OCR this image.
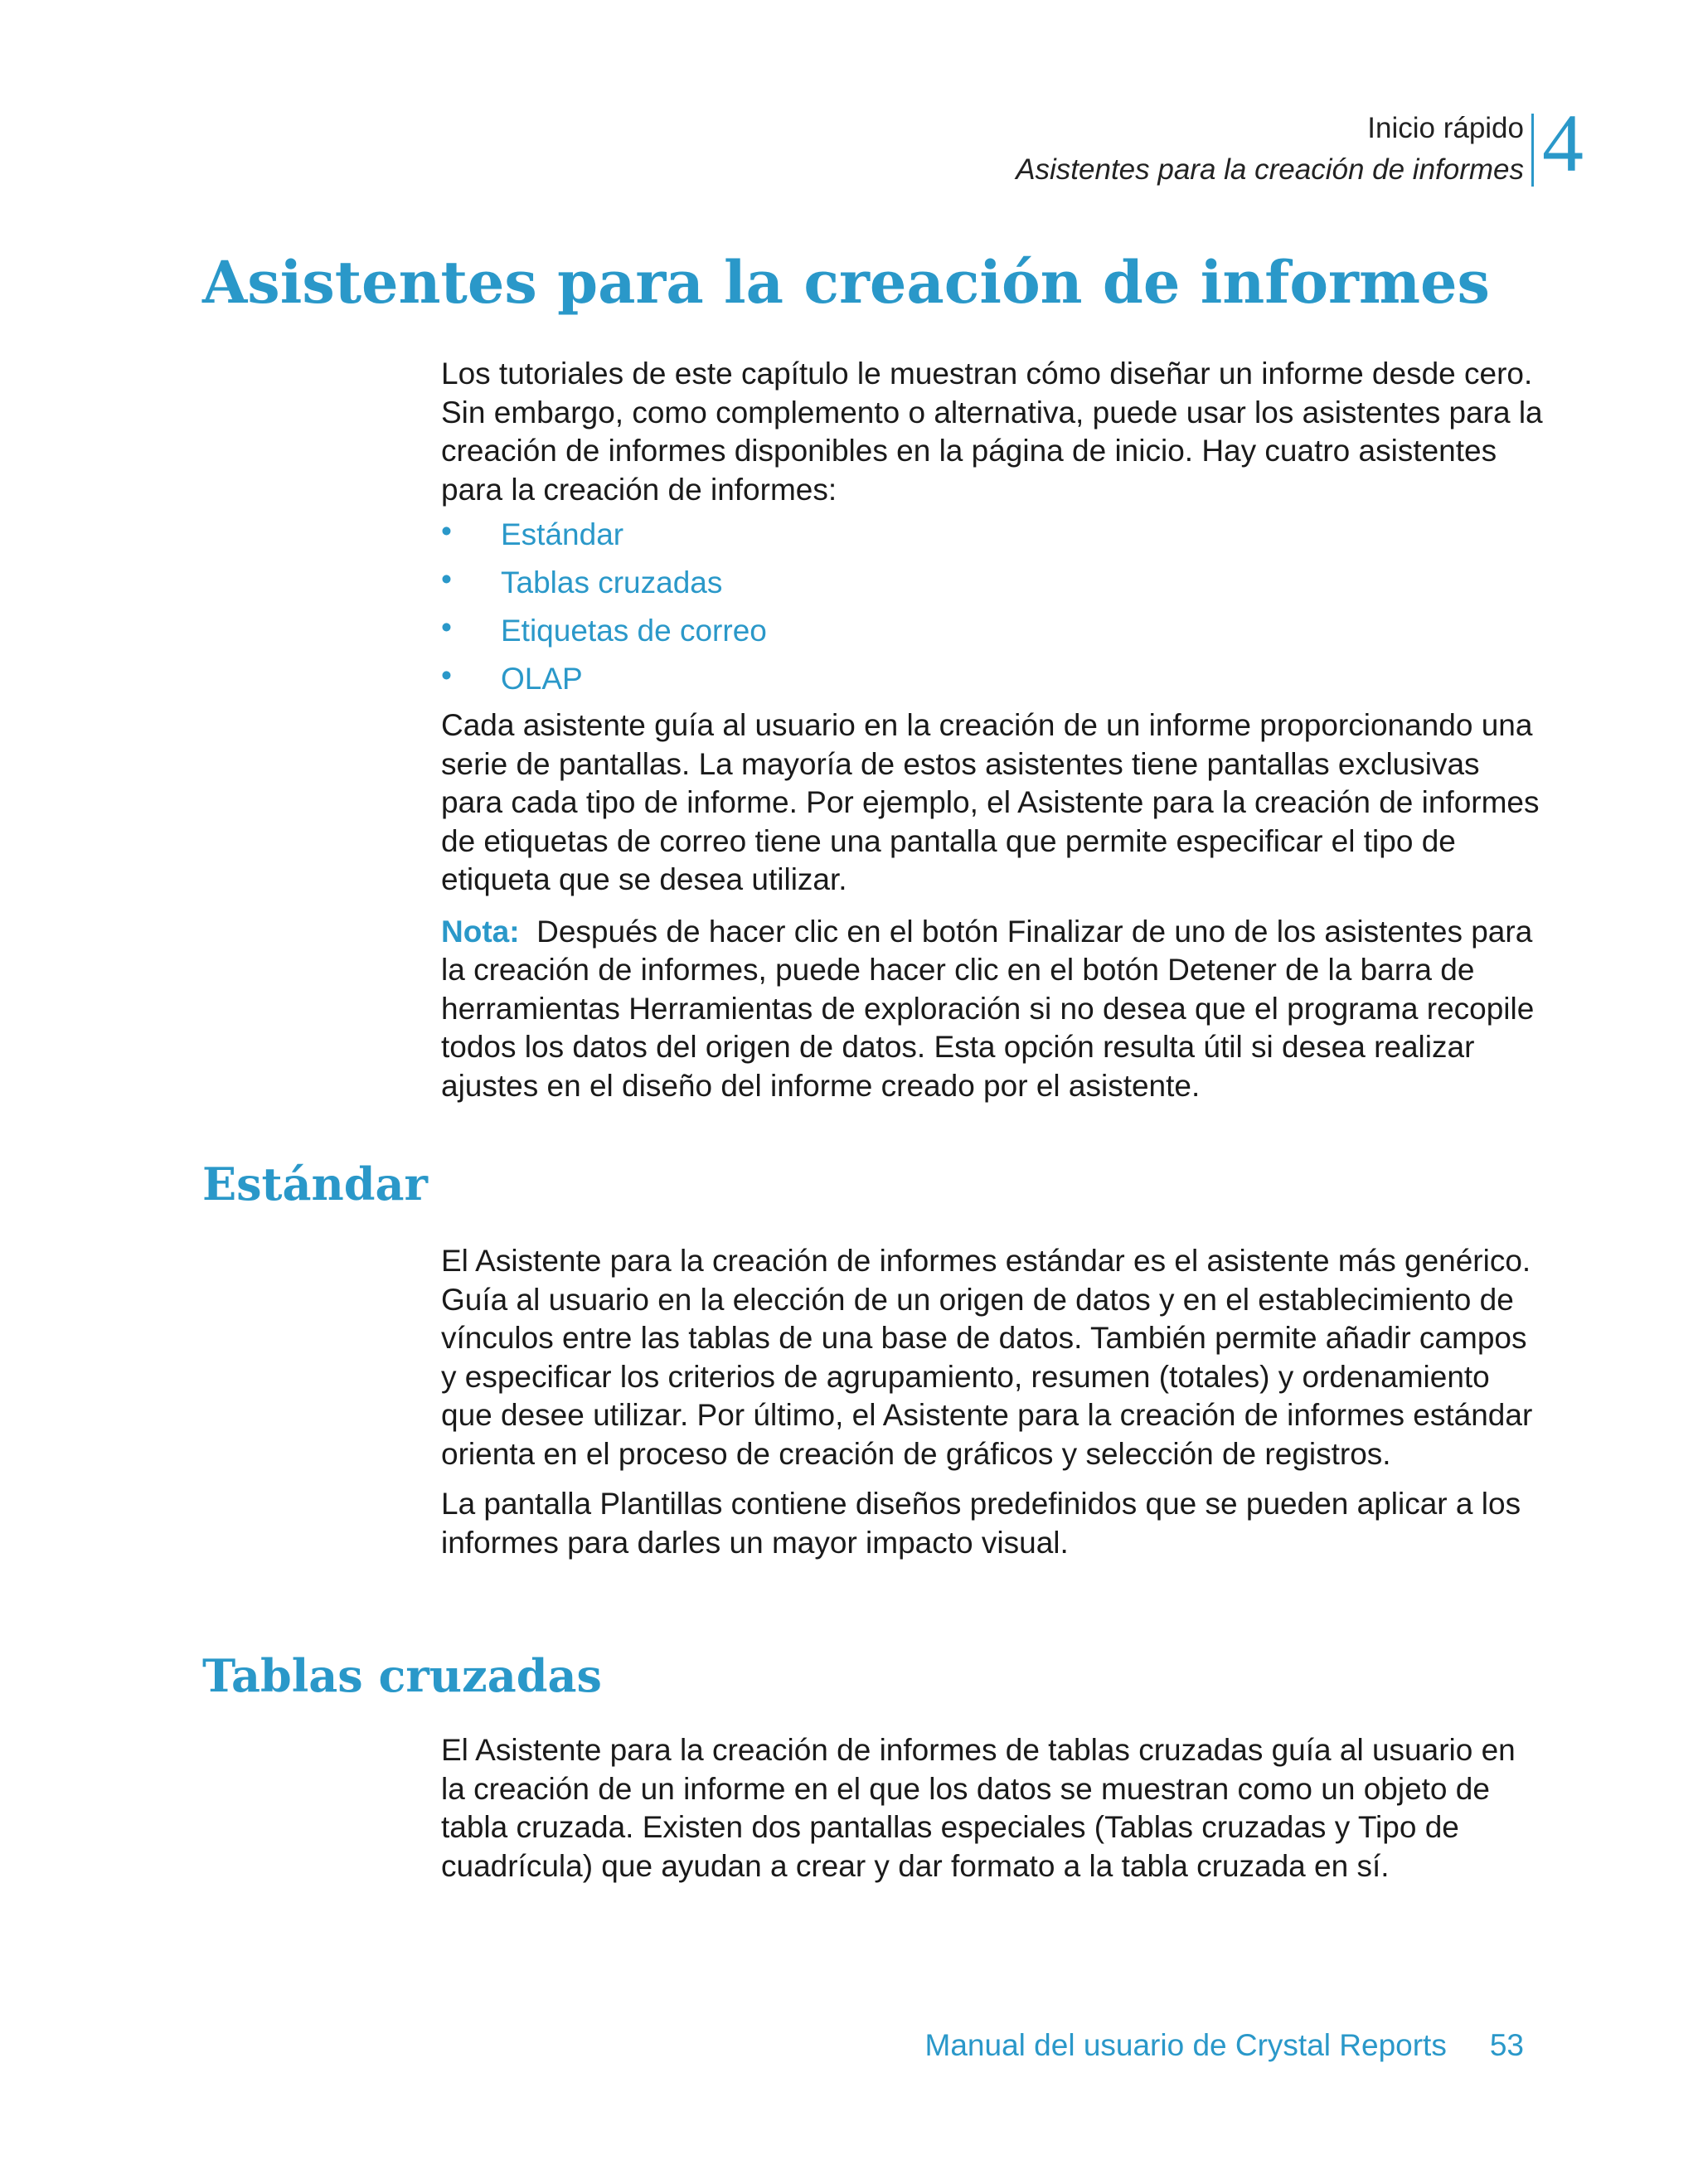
Inicio rápido
Asistentes para la creación de informes 4
Asistentes para la creación de informes

Los tutoriales de este capítulo le muestran cómo diseñar un informe desde cero. Sin embargo, como complemento o alternativa, puede usar los asistentes para la creación de informes disponibles en la página de inicio. Hay cuatro asistentes para la creación de informes:

• Estándar
• Tablas cruzadas
• Etiquetas de correo
• OLAP

Cada asistente guía al usuario en la creación de un informe proporcionando una serie de pantallas. La mayoría de estos asistentes tiene pantallas exclusivas para cada tipo de informe. Por ejemplo, el Asistente para la creación de informes de etiquetas de correo tiene una pantalla que permite especificar el tipo de etiqueta que se desea utilizar.

Nota: Después de hacer clic en el botón Finalizar de uno de los asistentes para la creación de informes, puede hacer clic en el botón Detener de la barra de herramientas Herramientas de exploración si no desea que el programa recopile todos los datos del origen de datos. Esta opción resulta útil si desea realizar ajustes en el diseño del informe creado por el asistente.

Estándar

El Asistente para la creación de informes estándar es el asistente más genérico. Guía al usuario en la elección de un origen de datos y en el establecimiento de vínculos entre las tablas de una base de datos. También permite añadir campos y especificar los criterios de agrupamiento, resumen (totales) y ordenamiento que desee utilizar. Por último, el Asistente para la creación de informes estándar orienta en el proceso de creación de gráficos y selección de registros.

La pantalla Plantillas contiene diseños predefinidos que se pueden aplicar a los informes para darles un mayor impacto visual.

Tablas cruzadas

El Asistente para la creación de informes de tablas cruzadas guía al usuario en la creación de un informe en el que los datos se muestran como un objeto de tabla cruzada. Existen dos pantallas especiales (Tablas cruzadas y Tipo de cuadrícula) que ayudan a crear y dar formato a la tabla cruzada en sí.

Manual del usuario de Crystal Reports 53
